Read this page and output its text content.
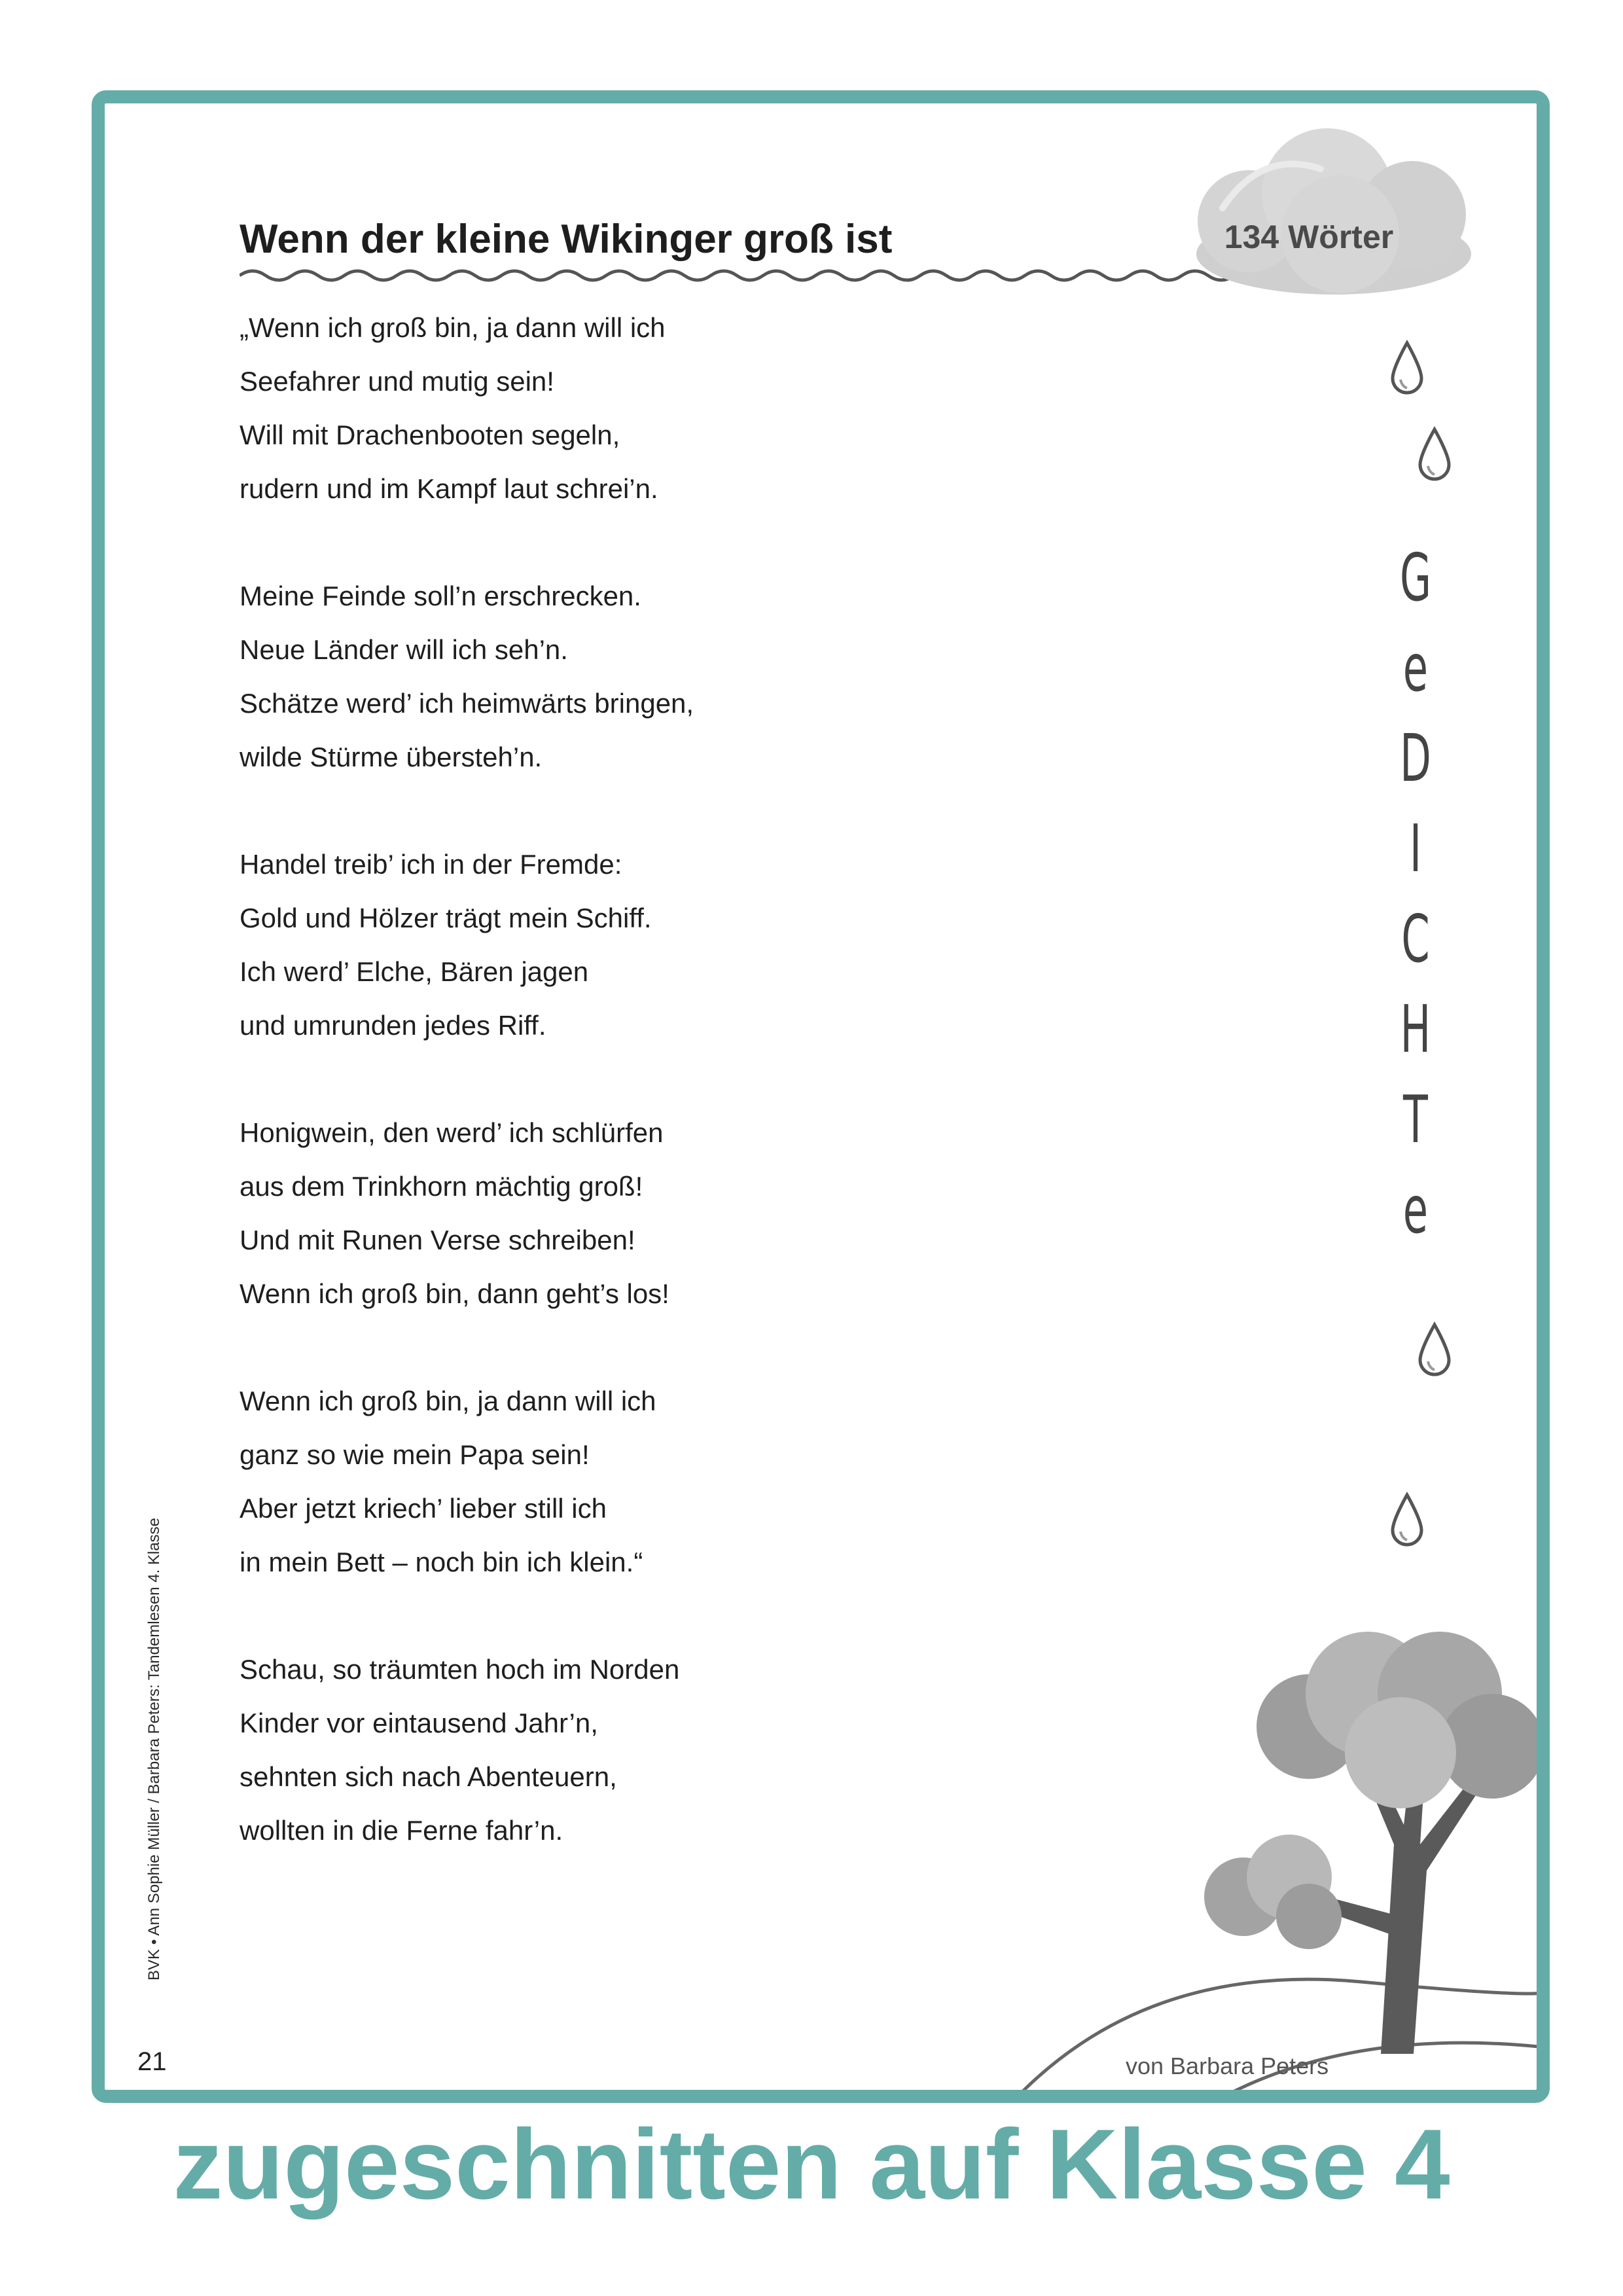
Wenn der kleine Wikinger groß ist	134 Wörter
„Wenn ich groß bin, ja dann will ich
Seefahrer und mutig sein!
Will mit Drachenbooten segeln,
rudern und im Kampf laut schrei’n.
Meine Feinde soll’n erschrecken.
Neue Länder will ich seh’n.
Schätze werd’ ich heimwärts bringen,
wilde Stürme übersteh’n.
Handel treib’ ich in der Fremde:
Gold und Hölzer trägt mein Schiff.
Ich werd’ Elche, Bären jagen
und umrunden jedes Riff.
Honigwein, den werd’ ich schlürfen
aus dem Trinkhorn mächtig groß!
Und mit Runen Verse schreiben!
Wenn ich groß bin, dann geht’s los!
Wenn ich groß bin, ja dann will ich
ganz so wie mein Papa sein!
Aber jetzt kriech’ lieber still ich
in mein Bett – noch bin ich klein.“
Schau, so träumten hoch im Norden
Kinder vor eintausend Jahr’n,
sehnten sich nach Abenteuern,
wollten in die Ferne fahr’n.
G
e
D
I
C
H
T
e
von Barbara Peters
21
BVK • Ann Sophie Müller / Barbara Peters: Tandemlesen 4. Klasse
zugeschnitten auf Klasse 4
